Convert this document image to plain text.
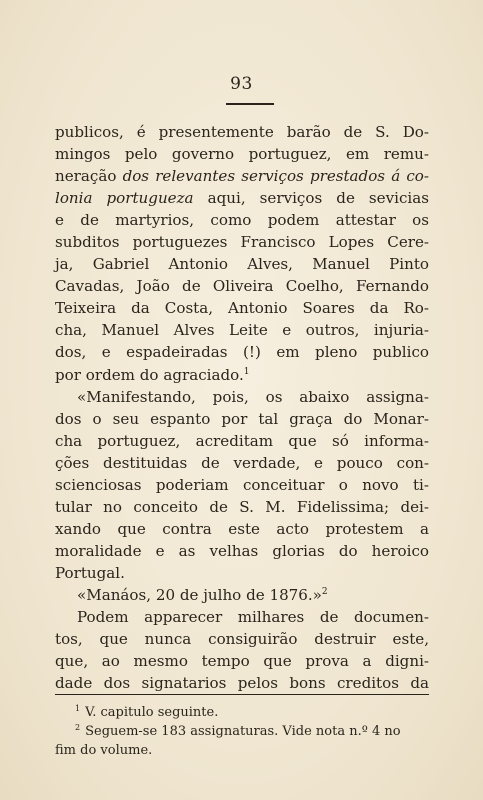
93
publicos, é presentemente barão de S. Do-
mingos pelo governo portuguez, em remu-
neração dos relevantes serviços prestados á co-
lonia portugueza aqui, serviços de sevicias
e de martyrios, como podem attestar os
subditos portuguezes Francisco Lopes Cere-
ja, Gabriel Antonio Alves, Manuel Pinto
Cavadas, João de Oliveira Coelho, Fernando
Teixeira da Costa, Antonio Soares da Ro-
cha, Manuel Alves Leite e outros, injuria-
dos, e espadeiradas (!) em pleno publico
por ordem do agraciado.$^1$
«Manifestando, pois, os abaixo assigna-
dos o seu espanto por tal graça do Monar-
cha portuguez, acreditam que só informa-
ções destituidas de verdade, e pouco con-
scienciosas poderiam conceituar o novo ti-
tular no conceito de S. M. Fidelissima; dei-
xando que contra este acto protestem a
moralidade e as velhas glorias do heroico
Portugal.
«Manáos, 20 de julho de 1876.»$^2$
Podem apparecer milhares de documen-
tos, que nunca consiguirão destruir este,
que, ao mesmo tempo que prova a digni-
dade dos signatarios pelos bons creditos da
$^1$ V. capitulo seguinte.
$^2$ Seguem-se 183 assignaturas. Vide nota n.º 4 no
fim do volume.
